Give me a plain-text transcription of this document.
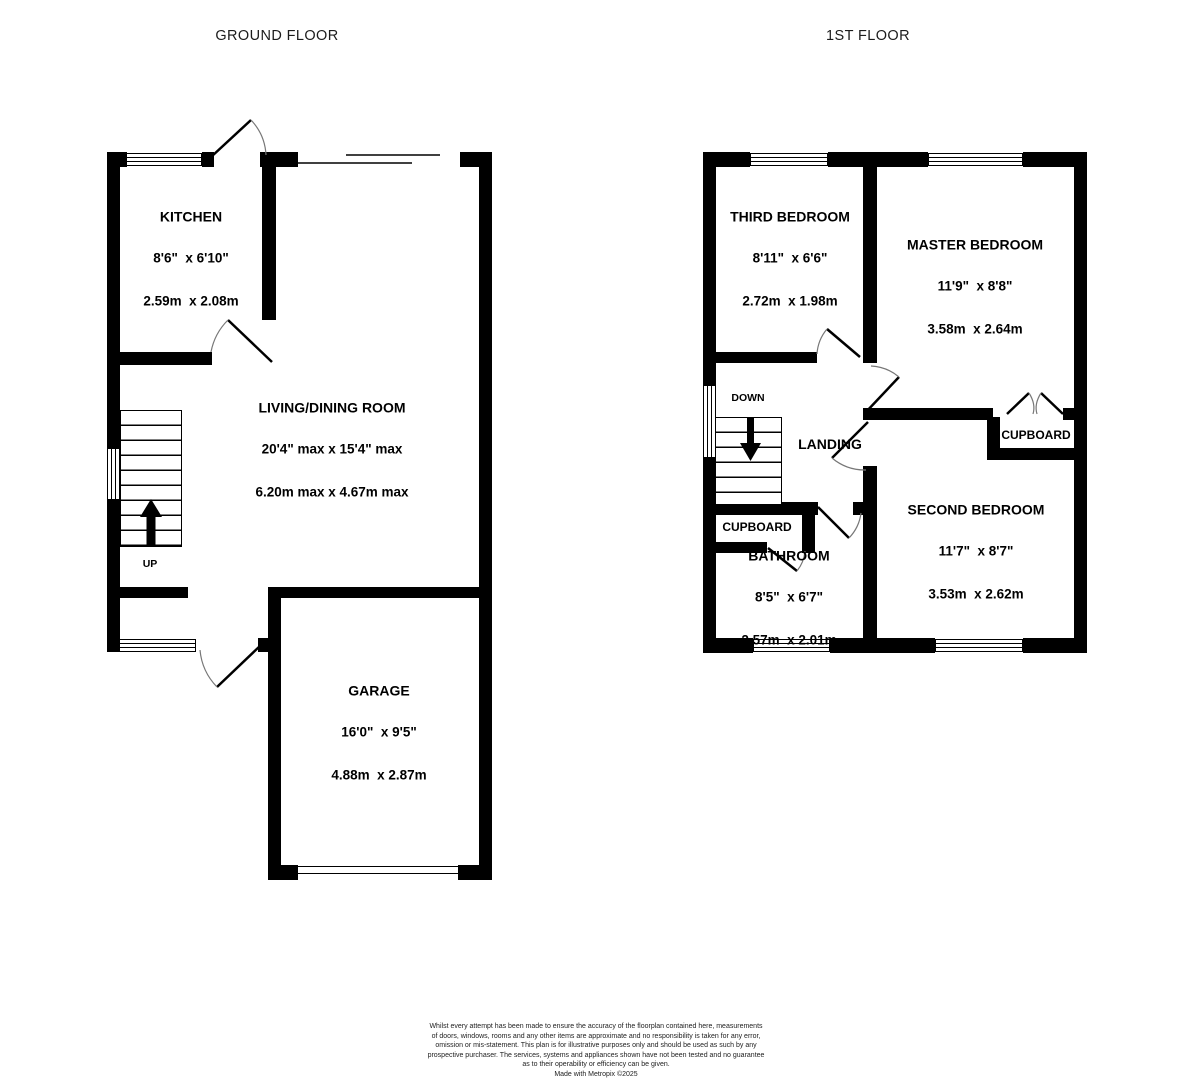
GROUND FLOOR	1ST FLOOR

KITCHEN

8'6"  x 6'10"

2.59m  x 2.08m

LIVING/DINING ROOM

20'4" max x 15'4" max

6.20m max x 4.67m max

GARAGE

16'0"  x 9'5"

4.88m  x 2.87m

UP

THIRD BEDROOM

8'11"  x 6'6"

2.72m  x 1.98m

MASTER BEDROOM

11'9"  x 8'8"

3.58m  x 2.64m

SECOND BEDROOM

11'7"  x 8'7"

3.53m  x 2.62m

BATHROOM

8'5"  x 6'7"

2.57m  x 2.01m

LANDING
CUPBOARD
CUPBOARD
DOWN
Whilst every attempt has been made to ensure the accuracy of the floorplan contained here, measurements
of doors, windows, rooms and any other items are approximate and no responsibility is taken for any error,
omission or mis-statement. This plan is for illustrative purposes only and should be used as such by any
prospective purchaser. The services, systems and appliances shown have not been tested and no guarantee
as to their operability or efficiency can be given.
Made with Metropix ©2025
